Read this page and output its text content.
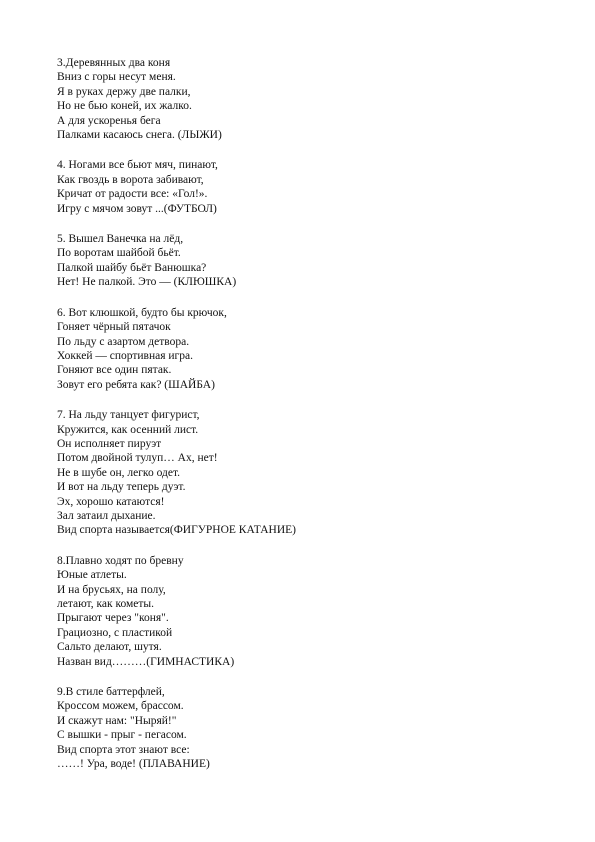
3.Деревянных два коня
Вниз с горы несут меня.
Я в руках держу две палки,
Но не бью коней, их жалко.
А для ускоренья бега
Палками касаюсь снега. (ЛЫЖИ)
4. Ногами все бьют мяч, пинают,
Как гвоздь в ворота забивают,
Кричат от радости все: «Гол!».
Игру с мячом зовут ...(ФУТБОЛ)
5. Вышел Ванечка на лёд,
По воротам шайбой бьёт.
Палкой шайбу бьёт Ванюшка?
Нет! Не палкой. Это — (КЛЮШКА)
6. Вот клюшкой, будто бы крючок,
Гоняет чёрный пятачок
По льду с азартом детвора.
Хоккей — спортивная игра.
Гоняют все один пятак.
Зовут его ребята как? (ШАЙБА)
7. На льду танцует фигурист,
Кружится, как осенний лист.
Он исполняет пируэт
Потом двойной тулуп… Ах, нет!
Не в шубе он, легко одет.
И вот на льду теперь дуэт.
Эх, хорошо катаются!
Зал затаил дыхание.
Вид спорта называется(ФИГУРНОЕ КАТАНИЕ)
8.Плавно ходят по бревну
Юные атлеты.
И на брусьях, на полу,
летают, как кометы.
Прыгают через "коня".
Грациозно, с пластикой
Сальто делают, шутя.
Назван вид………(ГИМНАСТИКА)
9.В стиле баттерфлей,
Кроссом можем, брассом.
И скажут нам: "Ныряй!"
С вышки - прыг - пегасом.
Вид спорта этот знают все:
……! Ура, воде! (ПЛАВАНИЕ)
